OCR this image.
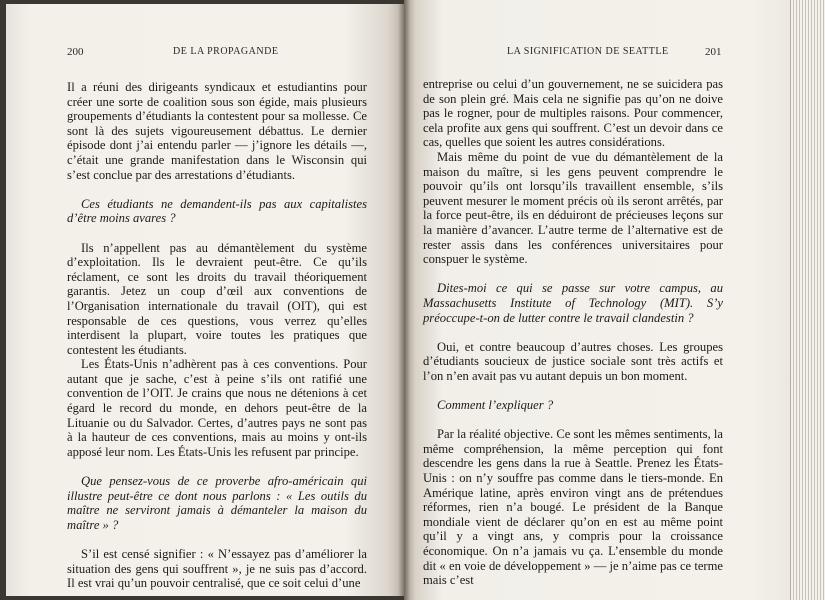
200	DE LA PROPAGANDE	LA SIGNIFICATION DE SEATTLE	201

Il a réuni des dirigeants syndicaux et estudiantins pour créer une sorte de coalition sous son égide, mais plusieurs groupements d’étudiants la contestent pour sa mollesse. Ce sont là des sujets vigoureusement débattus. Le dernier épisode dont j’ai entendu parler — j’ignore les détails —, c’était une grande manifestation dans le Wisconsin qui s’est conclue par des arrestations d’étudiants.

Ces étudiants ne demandent-ils pas aux capitalistes d’être moins avares ?

Ils n’appellent pas au démantèlement du système d’exploitation. Ils le devraient peut-être. Ce qu’ils réclament, ce sont les droits du travail théoriquement garantis. Jetez un coup d’œil aux conventions de l’Organisation internationale du travail (OIT), qui est responsable de ces questions, vous verrez qu’elles interdisent la plupart, voire toutes les pratiques que contestent les étudiants.

Les États-Unis n’adhèrent pas à ces conventions. Pour autant que je sache, c’est à peine s’ils ont ratifié une convention de l’OIT. Je crains que nous ne détenions à cet égard le record du monde, en dehors peut-être de la Lituanie ou du Salvador. Certes, d’autres pays ne sont pas à la hauteur de ces conventions, mais au moins y ont-ils apposé leur nom. Les États-Unis les refusent par principe.

Que pensez-vous de ce proverbe afro-américain qui illustre peut-être ce dont nous parlons : « Les outils du maître ne serviront jamais à démanteler la maison du maître » ?

S’il est censé signifier : « N’essayez pas d’améliorer la situation des gens qui souffrent », je ne suis pas d’accord. Il est vrai qu’un pouvoir centralisé, que ce soit celui d’une

entreprise ou celui d’un gouvernement, ne se suicidera pas de son plein gré. Mais cela ne signifie pas qu’on ne doive pas le rogner, pour de multiples raisons. Pour commencer, cela profite aux gens qui souffrent. C’est un devoir dans ce cas, quelles que soient les autres considérations.

Mais même du point de vue du démantèlement de la maison du maître, si les gens peuvent comprendre le pouvoir qu’ils ont lorsqu’ils travaillent ensemble, s’ils peuvent mesurer le moment précis où ils seront arrêtés, par la force peut-être, ils en déduiront de précieuses leçons sur la manière d’avancer. L’autre terme de l’alternative est de rester assis dans les conférences universitaires pour conspuer le système.

Dites-moi ce qui se passe sur votre campus, au Massachusetts Institute of Technology (MIT). S’y préoccupe-t-on de lutter contre le travail clandestin ?

Oui, et contre beaucoup d’autres choses. Les groupes d’étudiants soucieux de justice sociale sont très actifs et l’on n’en avait pas vu autant depuis un bon moment.

Comment l’expliquer ?

Par la réalité objective. Ce sont les mêmes sentiments, la même compréhension, la même perception qui font descendre les gens dans la rue à Seattle. Prenez les États-Unis : on n’y souffre pas comme dans le tiers-monde. En Amérique latine, après environ vingt ans de prétendues réformes, rien n’a bougé. Le président de la Banque mondiale vient de déclarer qu’on en est au même point qu’il y a vingt ans, y compris pour la croissance économique. On n’a jamais vu ça. L’ensemble du monde dit « en voie de développement » — je n’aime pas ce terme mais c’est
